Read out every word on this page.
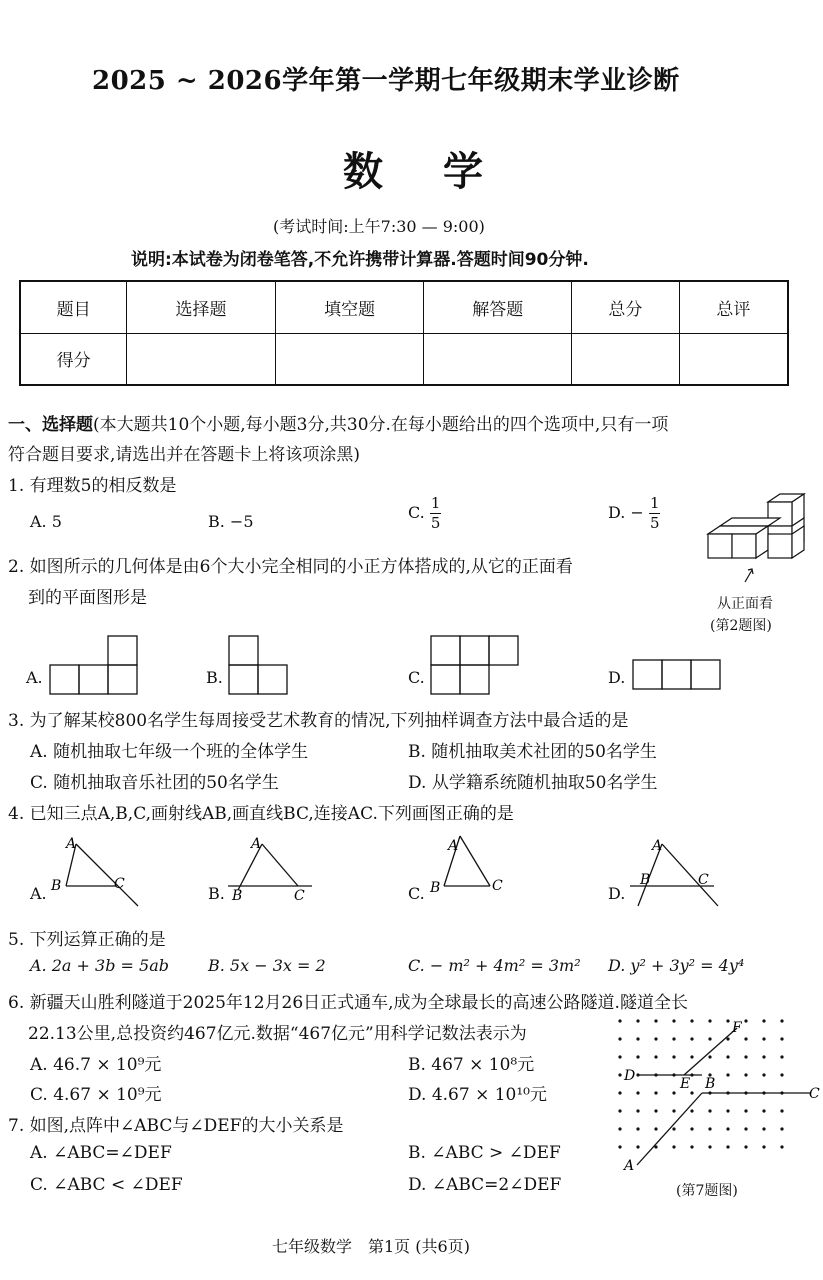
2025 ~ 2026学年第一学期七年级期末学业诊断
数学
(考试时间:上午7:30 — 9:00)
说明:本试卷为闭卷笔答,不允许携带计算器.答题时间90分钟.
题目	选择题	填空题	解答题	总分	总评
得分					
一、选择题(本大题共10个小题,每小题3分,共30分.在每小题给出的四个选项中,只有一项
符合题目要求,请选出并在答题卡上将该项涂黑)
1. 有理数5的相反数是
A. 5	B. −5	C. $\frac{1}{5}$	D. − $\frac{1}{5}$
从正面看
(第2题图)
2. 如图所示的几何体是由6个大小完全相同的小正方体搭成的,从它的正面看
到的平面图形是
A.	B.	C.	D.
3. 为了解某校800名学生每周接受艺术教育的情况,下列抽样调查方法中最合适的是
A. 随机抽取七年级一个班的全体学生	B. 随机抽取美术社团的50名学生
C. 随机抽取音乐社团的50名学生	D. 从学籍系统随机抽取50名学生
4. 已知三点A,B,C,画射线AB,画直线BC,连接AC.下列画图正确的是
A.
A
B	C	B.
A
B	C	C.
A
B	C	D.
A
B	C
5. 下列运算正确的是
A. 2a + 3b = 5ab B. 5x − 3x = 2	C. − m² + 4m² = 3m² D. y² + 3y² = 4y⁴
6. 新疆天山胜利隧道于2025年12月26日正式通车,成为全球最长的高速公路隧道.隧道全长
22.13公里,总投资约467亿元.数据“467亿元”用科学记数法表示为
A. 46.7 × 10⁹元	B. 467 × 10⁸元
C. 4.67 × 10⁹元	D. 4.67 × 10¹⁰元
7. 如图,点阵中∠ABC与∠DEF的大小关系是
A. ∠ABC=∠DEF	B. ∠ABC > ∠DEF
C. ∠ABC < ∠DEF	D. ∠ABC=2∠DEF
F
D	E B
C
A
(第7题图)
七年级数学　第1页 (共6页)
